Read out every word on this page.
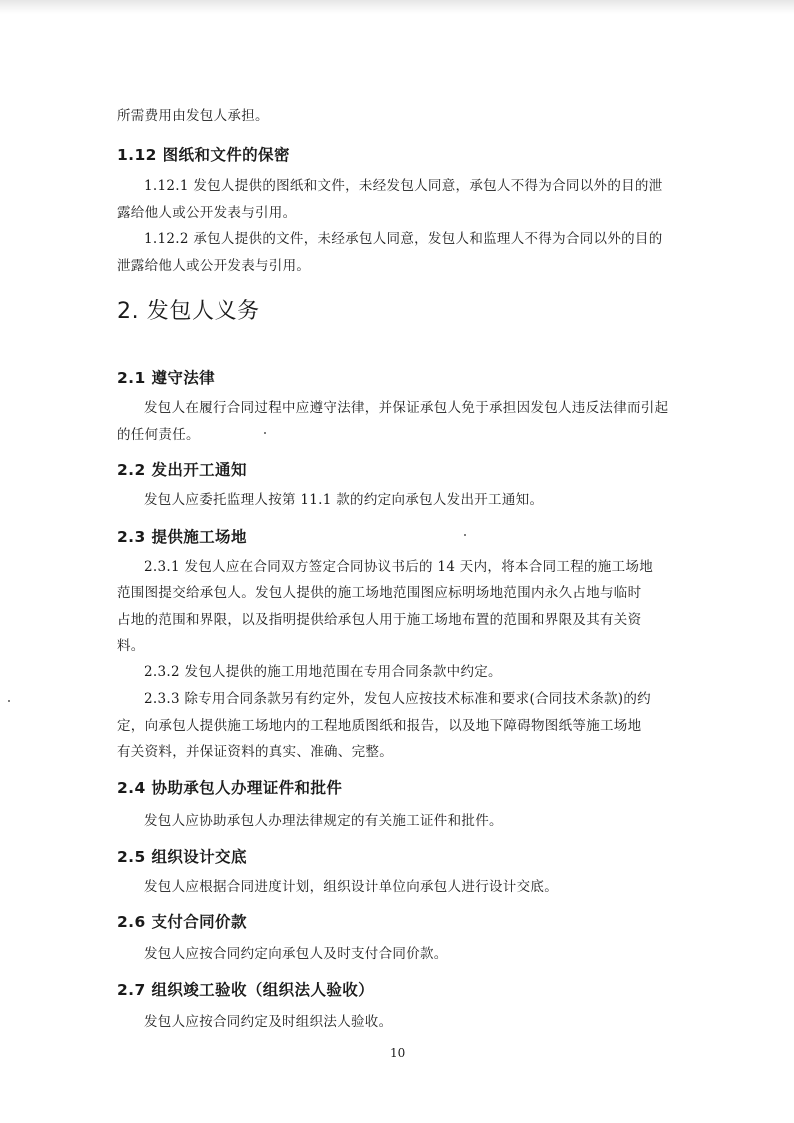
所需费用由发包人承担。
1.12 图纸和文件的保密
1.12.1 发包人提供的图纸和文件，未经发包人同意，承包人不得为合同以外的目的泄
露给他人或公开发表与引用。
1.12.2 承包人提供的文件，未经承包人同意，发包人和监理人不得为合同以外的目的
泄露给他人或公开发表与引用。
2. 发包人义务
2.1 遵守法律
发包人在履行合同过程中应遵守法律，并保证承包人免于承担因发包人违反法律而引起
的任何责任。
2.2 发出开工通知
发包人应委托监理人按第 11.1 款的约定向承包人发出开工通知。
2.3 提供施工场地
2.3.1 发包人应在合同双方签定合同协议书后的 14 天内，将本合同工程的施工场地
范围图提交给承包人。发包人提供的施工场地范围图应标明场地范围内永久占地与临时
占地的范围和界限，以及指明提供给承包人用于施工场地布置的范围和界限及其有关资
料。
2.3.2 发包人提供的施工用地范围在专用合同条款中约定。
2.3.3 除专用合同条款另有约定外，发包人应按技术标准和要求(合同技术条款)的约
定，向承包人提供施工场地内的工程地质图纸和报告，以及地下障碍物图纸等施工场地
有关资料，并保证资料的真实、准确、完整。
2.4 协助承包人办理证件和批件
发包人应协助承包人办理法律规定的有关施工证件和批件。
2.5 组织设计交底
发包人应根据合同进度计划，组织设计单位向承包人进行设计交底。
2.6 支付合同价款
发包人应按合同约定向承包人及时支付合同价款。
2.7 组织竣工验收（组织法人验收）
发包人应按合同约定及时组织法人验收。
10
